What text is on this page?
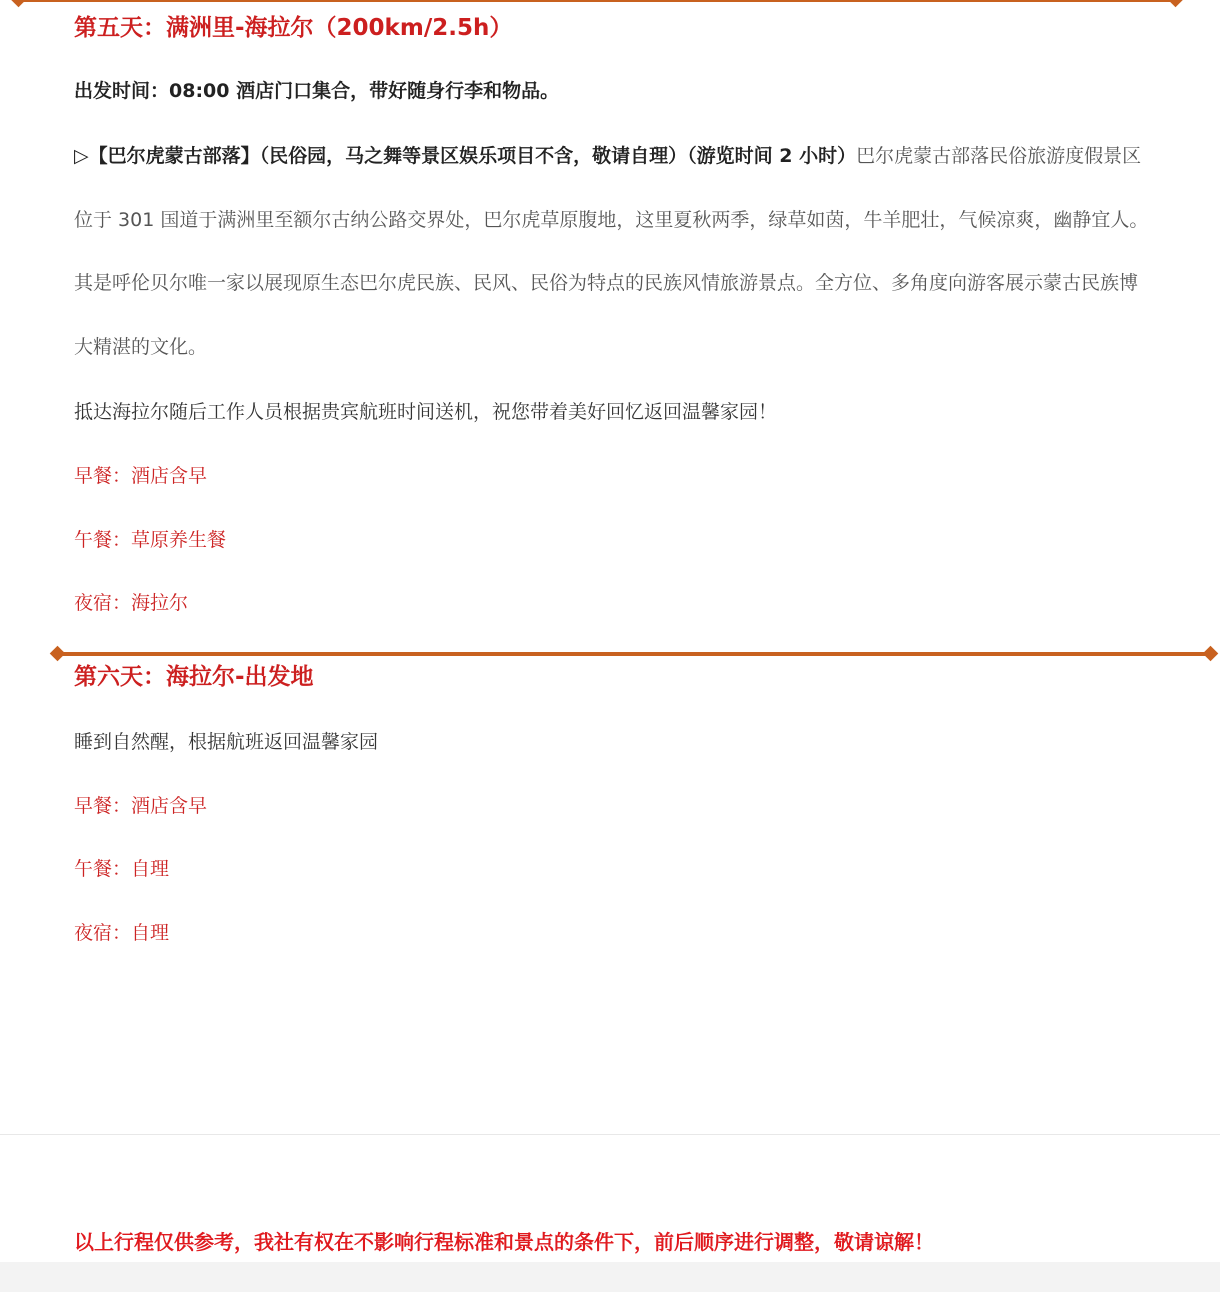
第五天：满洲里-海拉尔（200km/2.5h）

出发时间：08:00 酒店门口集合，带好随身行李和物品。

▷【巴尔虎蒙古部落】（民俗园，马之舞等景区娱乐项目不含，敬请自理）（游览时间 2 小时）巴尔虎蒙古部落民俗旅游度假景区位于 301 国道于满洲里至额尔古纳公路交界处，巴尔虎草原腹地，这里夏秋两季，绿草如茵，牛羊肥壮，气候凉爽，幽静宜人。其是呼伦贝尔唯一家以展现原生态巴尔虎民族、民风、民俗为特点的民族风情旅游景点。全方位、多角度向游客展示蒙古民族博大精湛的文化。

抵达海拉尔随后工作人员根据贵宾航班时间送机，祝您带着美好回忆返回温馨家园！

早餐：酒店含早

午餐：草原养生餐

夜宿：海拉尔

第六天：海拉尔-出发地

睡到自然醒，根据航班返回温馨家园

早餐：酒店含早

午餐：自理

夜宿：自理

以上行程仅供参考，我社有权在不影响行程标准和景点的条件下，前后顺序进行调整，敬请谅解！
